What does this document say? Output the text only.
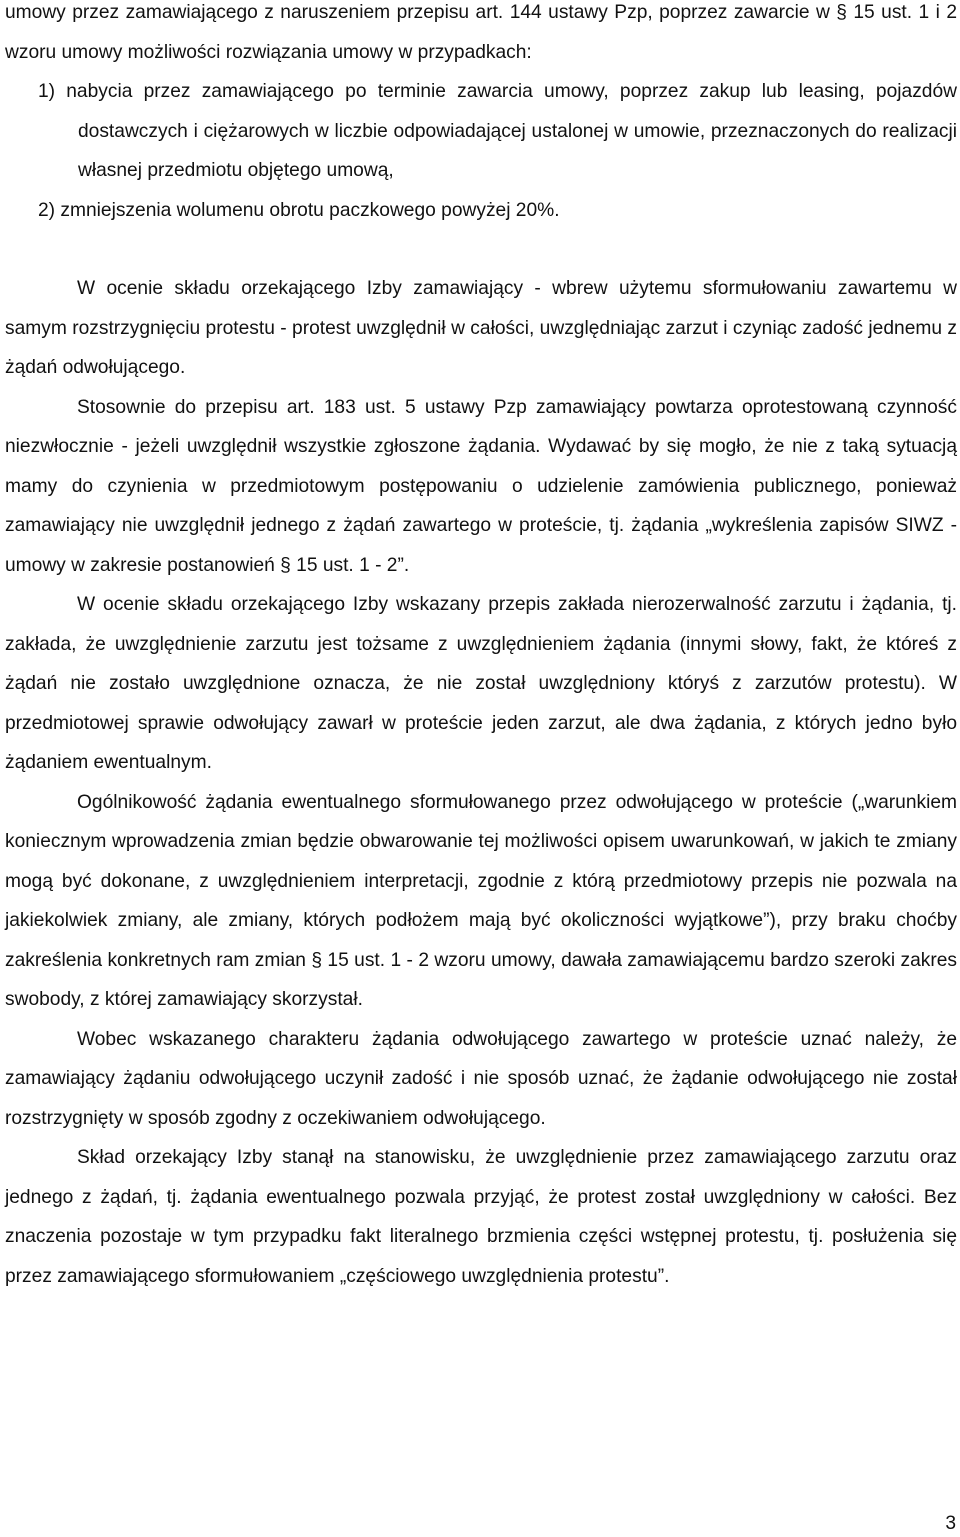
umowy przez zamawiającego z naruszeniem przepisu art. 144 ustawy Pzp, poprzez zawarcie w § 15 ust. 1 i 2 wzoru umowy możliwości rozwiązania umowy w przypadkach:

1) nabycia przez zamawiającego po terminie zawarcia umowy, poprzez zakup lub leasing, pojazdów dostawczych i ciężarowych w liczbie odpowiadającej ustalonej w umowie, przeznaczonych do realizacji własnej przedmiotu objętego umową,

2) zmniejszenia wolumenu obrotu paczkowego powyżej 20%.

W ocenie składu orzekającego Izby zamawiający - wbrew użytemu sformułowaniu zawartemu w samym rozstrzygnięciu protestu - protest uwzględnił w całości, uwzględniając zarzut i czyniąc zadość jednemu z żądań odwołującego.

Stosownie do przepisu art. 183 ust. 5 ustawy Pzp zamawiający powtarza oprotestowaną czynność niezwłocznie - jeżeli uwzględnił wszystkie zgłoszone żądania. Wydawać by się mogło, że nie z taką sytuacją mamy do czynienia w przedmiotowym postępowaniu o udzielenie zamówienia publicznego, ponieważ zamawiający nie uwzględnił jednego z żądań zawartego w proteście, tj. żądania „wykreślenia zapisów SIWZ - umowy w zakresie postanowień § 15 ust. 1 - 2”.

W ocenie składu orzekającego Izby wskazany przepis zakłada nierozerwalność zarzutu i żądania, tj. zakłada, że uwzględnienie zarzutu jest tożsame z uwzględnieniem żądania (innymi słowy, fakt, że któreś z żądań nie zostało uwzględnione oznacza, że nie został uwzględniony któryś z zarzutów protestu). W przedmiotowej sprawie odwołujący zawarł w proteście jeden zarzut, ale dwa żądania, z których jedno było żądaniem ewentualnym.

Ogólnikowość żądania ewentualnego sformułowanego przez odwołującego w proteście („warunkiem koniecznym wprowadzenia zmian będzie obwarowanie tej możliwości opisem uwarunkowań, w jakich te zmiany mogą być dokonane, z uwzględnieniem interpretacji, zgodnie z którą przedmiotowy przepis nie pozwala na jakiekolwiek zmiany, ale zmiany, których podłożem mają być okoliczności wyjątkowe”), przy braku choćby zakreślenia konkretnych ram zmian § 15 ust. 1 - 2 wzoru umowy, dawała zamawiającemu bardzo szeroki zakres swobody, z której zamawiający skorzystał.

Wobec wskazanego charakteru żądania odwołującego zawartego w proteście uznać należy, że zamawiający żądaniu odwołującego uczynił zadość i nie sposób uznać, że żądanie odwołującego nie został rozstrzygnięty w sposób zgodny z oczekiwaniem odwołującego.

Skład orzekający Izby stanął na stanowisku, że uwzględnienie przez zamawiającego zarzutu oraz jednego z żądań, tj. żądania ewentualnego pozwala przyjąć, że protest został uwzględniony w całości. Bez znaczenia pozostaje w tym przypadku fakt literalnego brzmienia części wstępnej protestu, tj. posłużenia się przez zamawiającego sformułowaniem „częściowego uwzględnienia protestu”.

3
